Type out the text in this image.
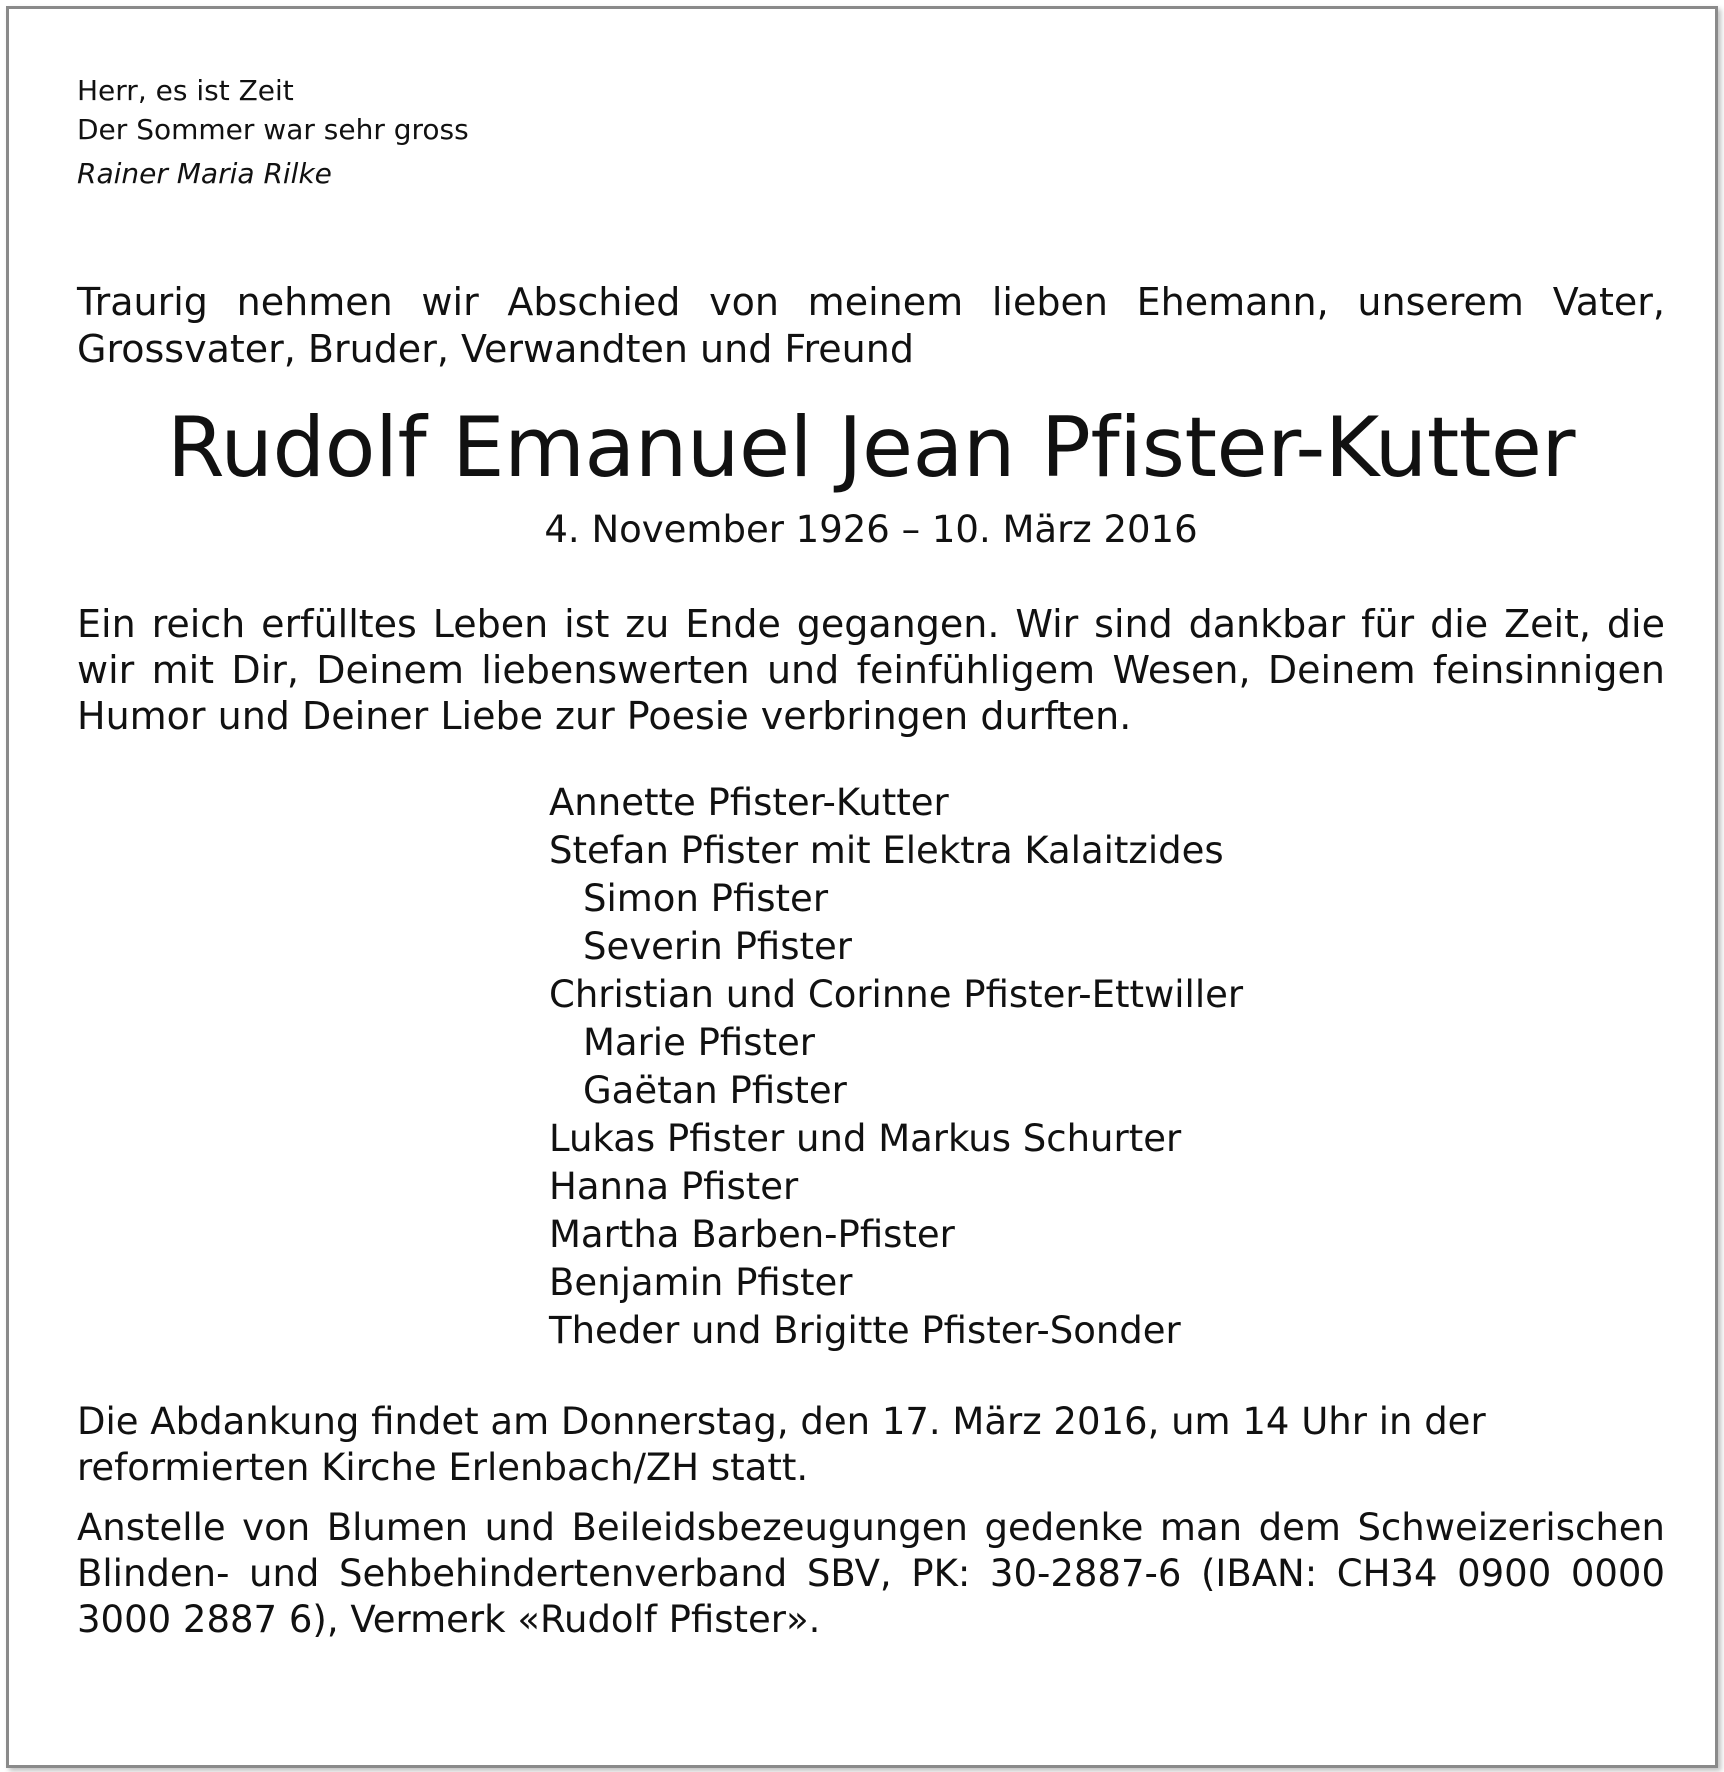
Herr, es ist Zeit
Der Sommer war sehr gross
Rainer Maria Rilke
Traurig nehmen wir Abschied von meinem lieben Ehemann, unserem Vater, Grossvater, Bruder, Verwandten und Freund
Rudolf Emanuel Jean Pfister-Kutter
4. November 1926 – 10. März 2016
Ein reich erfülltes Leben ist zu Ende gegangen. Wir sind dankbar für die Zeit, die wir mit Dir, Deinem liebenswerten und feinfühligem Wesen, Deinem feinsinnigen Humor und Deiner Liebe zur Poesie verbringen durften.
Annette Pfister-Kutter
Stefan Pfister mit Elektra Kalaitzides
Simon Pfister
Severin Pfister
Christian und Corinne Pfister-Ettwiller
Marie Pfister
Gaëtan Pfister
Lukas Pfister und Markus Schurter
Hanna Pfister
Martha Barben-Pfister
Benjamin Pfister
Theder und Brigitte Pfister-Sonder
Die Abdankung findet am Donnerstag, den 17. März 2016, um 14 Uhr in der reformierten Kirche Erlenbach/ZH statt.
Anstelle von Blumen und Beileidsbezeugungen gedenke man dem Schweizerischen Blinden- und Sehbehindertenverband SBV, PK: 30-2887-6 (IBAN: CH34 0900 0000 3000 2887 6), Vermerk «Rudolf Pfister».
